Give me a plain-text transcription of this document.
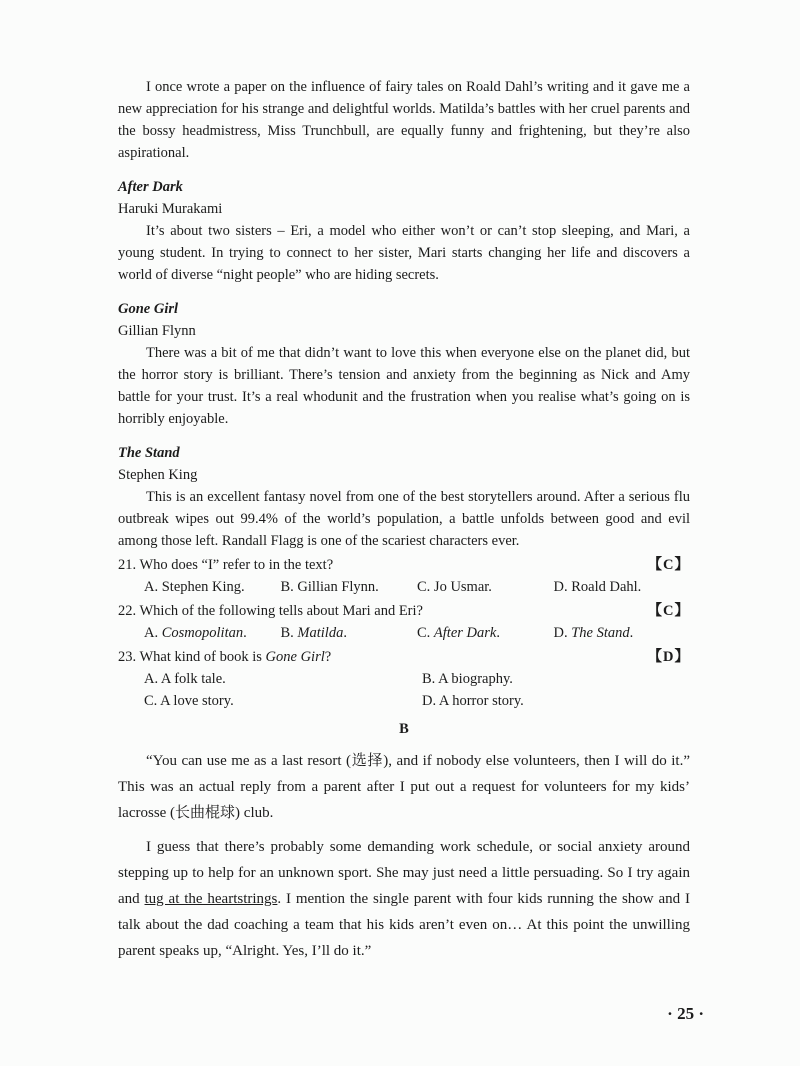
I once wrote a paper on the influence of fairy tales on Roald Dahl’s writing and it gave me a new appreciation for his strange and delightful worlds. Matilda’s battles with her cruel parents and the bossy headmistress, Miss Trunchbull, are equally funny and frightening, but they’re also aspirational.

After Dark

Haruki Murakami

It’s about two sisters – Eri, a model who either won’t or can’t stop sleeping, and Mari, a young student. In trying to connect to her sister, Mari starts changing her life and discovers a world of diverse “night people” who are hiding secrets.

Gone Girl

Gillian Flynn

There was a bit of me that didn’t want to love this when everyone else on the planet did, but the horror story is brilliant. There’s tension and anxiety from the beginning as Nick and Amy battle for your trust. It’s a real whodunit and the frustration when you realise what’s going on is horribly enjoyable.

The Stand

Stephen King

This is an excellent fantasy novel from one of the best storytellers around. After a serious flu outbreak wipes out 99.4% of the world’s population, a battle unfolds between good and evil among those left. Randall Flagg is one of the scariest characters ever.

21. Who does “I” refer to in the text?	【C】
A. Stephen King.	B. Gillian Flynn.	C. Jo Usmar.	D. Roald Dahl.
22. Which of the following tells about Mari and Eri?	【C】
A. Cosmopolitan.	B. Matilda.	C. After Dark.	D. The Stand.
23. What kind of book is Gone Girl?	【D】
A. A folk tale.	B. A biography.
C. A love story.	D. A horror story.

B

“You can use me as a last resort (选择), and if nobody else volunteers, then I will do it.” This was an actual reply from a parent after I put out a request for volunteers for my kids’ lacrosse (长曲棍球) club.

I guess that there’s probably some demanding work schedule, or social anxiety around stepping up to help for an unknown sport. She may just need a little persuading. So I try again and tug at the heartstrings. I mention the single parent with four kids running the show and I talk about the dad coaching a team that his kids aren’t even on… At this point the unwilling parent speaks up, “Alright. Yes, I’ll do it.”

· 25 ·
